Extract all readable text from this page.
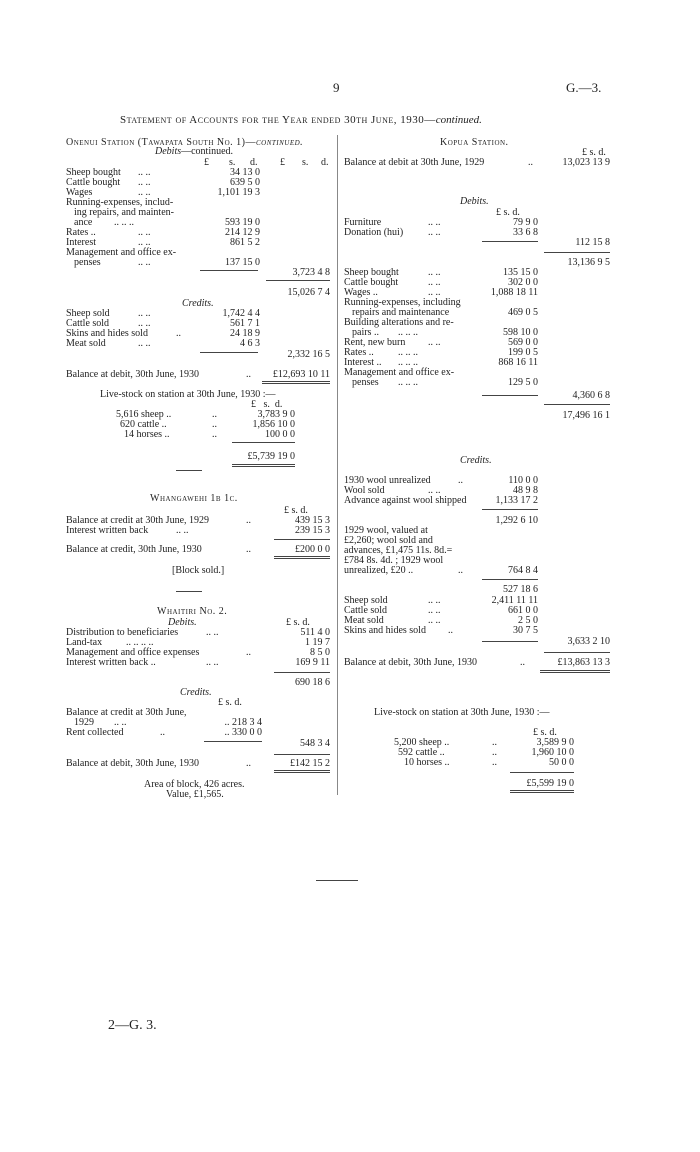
9	G.—3.
Statement of Accounts for the Year ended 30th June, 1930—continued.
Onenui Station (Tawapata South No. 1)—continued.
Debits—continued.
£ s. d. £ s. d.
Sheep bought .. ..	34 13 0
Cattle bought .. ..	639 5 0
Wages	.. ..	1,101 19 3
Running-expenses, includ-
ing repairs, and mainten-
ance .. .. ..	593 19 0
Rates ..	.. ..	214 12 9
Interest	.. ..	861 5 2
Management and office ex-
penses	.. ..	137 15 0
3,723 4 8
15,026 7 4
Credits.
Sheep sold	.. ..	1,742 4 4
Cattle sold	.. ..	561 7 1
Skins and hides sold	..	24 18 9
Meat sold	.. ..	4 6 3
2,332 16 5
Balance at debit, 30th June, 1930	..	£12,693 10 11
Live-stock on station at 30th June, 1930 :—
£ s. d.
5,616 sheep ..	..	3,783 9 0
620 cattle ..	..	1,856 10 0
14 horses ..	..	100 0 0
£5,739 19 0
Whangawehi 1b 1c.
£ s. d.
Balance at credit at 30th June, 1929	..	439 15 3
Interest written back	.. ..	239 15 3
Balance at credit, 30th June, 1930	..	£200 0 0
[Block sold.]
Whaitiri No. 2.
Debits.	£ s. d.
Distribution to beneficiaries	.. ..	511 4 0
Land-tax .. .. .. ..	1 19 7
Management and office expenses	..	8 5 0
Interest written back ..	.. ..	169 9 11
690 18 6
Credits.
£ s. d.
Balance at credit at 30th June,
1929 .. ..	.. 218 3 4
Rent collected	..	.. 330 0 0
548 3 4
Balance at debit, 30th June, 1930	..	£142 15 2
Area of block, 426 acres.
Value, £1,565.
Kopua Station.
£ s. d.
Balance at debit at 30th June, 1929	..	13,023 13 9
Debits.
£ s. d.
Furniture	.. ..	79 9 0
Donation (hui) .. ..	33 6 8
112 15 8
13,136 9 5
Sheep bought	.. ..	135 15 0
Cattle bought	.. ..	302 0 0
Wages ..	.. ..	1,088 18 11
Running-expenses, including
repairs and maintenance	469 0 5
Building alterations and re-
pairs .. .. .. ..	598 10 0
Rent, new burn .. ..	569 0 0
Rates .. .. .. ..	199 0 5
Interest .. .. .. ..	868 16 11
Management and office ex-
penses .. .. ..	129 5 0
4,360 6 8
17,496 16 1
Credits.
1930 wool unrealized	..	110 0 0
Wool sold	.. ..	48 9 8
Advance against wool shipped	1,133 17 2
1,292 6 10
1929 wool, valued at
£2,260; wool sold and
advances, £1,475 11s. 8d.=
£784 8s. 4d. ; 1929 wool
unrealized, £20 ..	..	764 8 4
527 18 6
Sheep sold	.. ..	2,411 11 11
Cattle sold	.. ..	661 0 0
Meat sold	.. ..	2 5 0
Skins and hides sold ..	30 7 5
3,633 2 10
Balance at debit, 30th June, 1930	..	£13,863 13 3
Live-stock on station at 30th June, 1930 :—
£ s. d.
5,200 sheep ..	..	3,589 9 0
592 cattle ..	..	1,960 10 0
10 horses ..	..	50 0 0
£5,599 19 0
2—G. 3.
